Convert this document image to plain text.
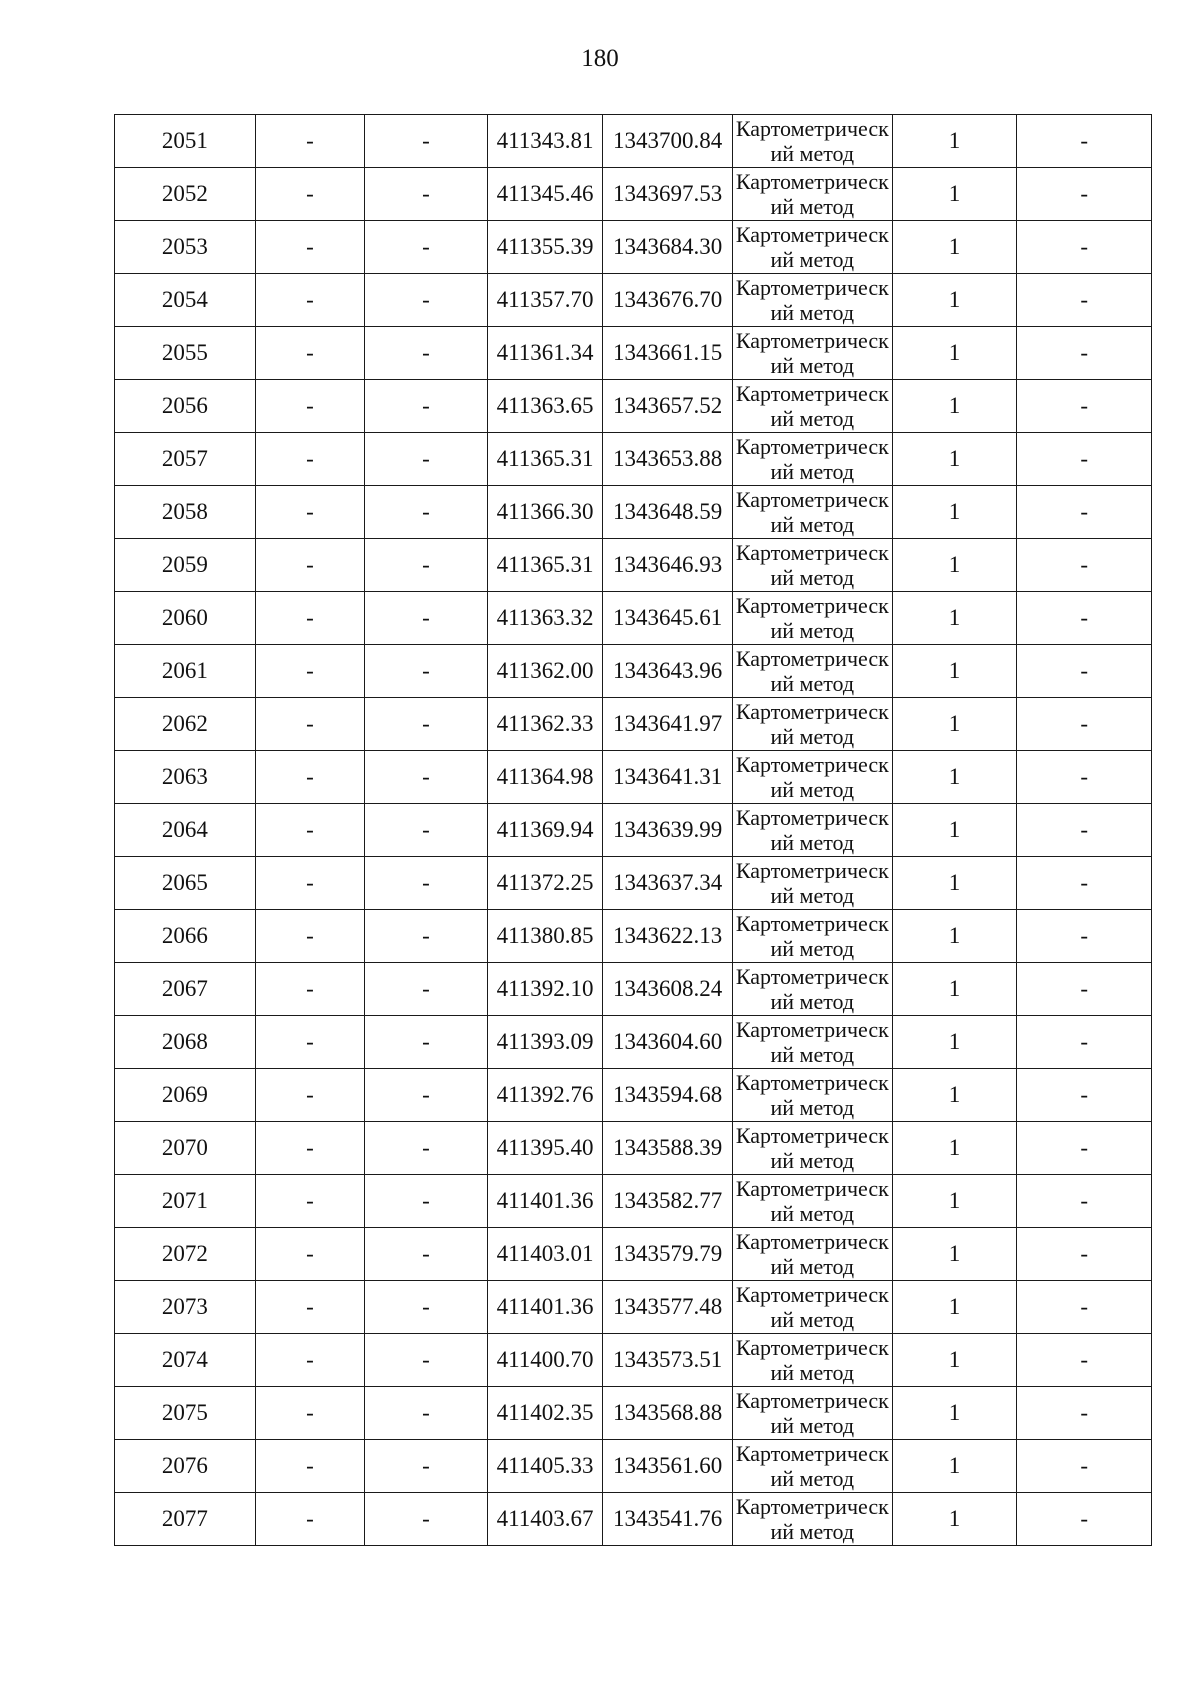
180
2051	-	-	411343.81	1343700.84	Картометрический метод	1	-
2052	-	-	411345.46	1343697.53	Картометрический метод	1	-
2053	-	-	411355.39	1343684.30	Картометрический метод	1	-
2054	-	-	411357.70	1343676.70	Картометрический метод	1	-
2055	-	-	411361.34	1343661.15	Картометрический метод	1	-
2056	-	-	411363.65	1343657.52	Картометрический метод	1	-
2057	-	-	411365.31	1343653.88	Картометрический метод	1	-
2058	-	-	411366.30	1343648.59	Картометрический метод	1	-
2059	-	-	411365.31	1343646.93	Картометрический метод	1	-
2060	-	-	411363.32	1343645.61	Картометрический метод	1	-
2061	-	-	411362.00	1343643.96	Картометрический метод	1	-
2062	-	-	411362.33	1343641.97	Картометрический метод	1	-
2063	-	-	411364.98	1343641.31	Картометрический метод	1	-
2064	-	-	411369.94	1343639.99	Картометрический метод	1	-
2065	-	-	411372.25	1343637.34	Картометрический метод	1	-
2066	-	-	411380.85	1343622.13	Картометрический метод	1	-
2067	-	-	411392.10	1343608.24	Картометрический метод	1	-
2068	-	-	411393.09	1343604.60	Картометрический метод	1	-
2069	-	-	411392.76	1343594.68	Картометрический метод	1	-
2070	-	-	411395.40	1343588.39	Картометрический метод	1	-
2071	-	-	411401.36	1343582.77	Картометрический метод	1	-
2072	-	-	411403.01	1343579.79	Картометрический метод	1	-
2073	-	-	411401.36	1343577.48	Картометрический метод	1	-
2074	-	-	411400.70	1343573.51	Картометрический метод	1	-
2075	-	-	411402.35	1343568.88	Картометрический метод	1	-
2076	-	-	411405.33	1343561.60	Картометрический метод	1	-
2077	-	-	411403.67	1343541.76	Картометрический метод	1	-
